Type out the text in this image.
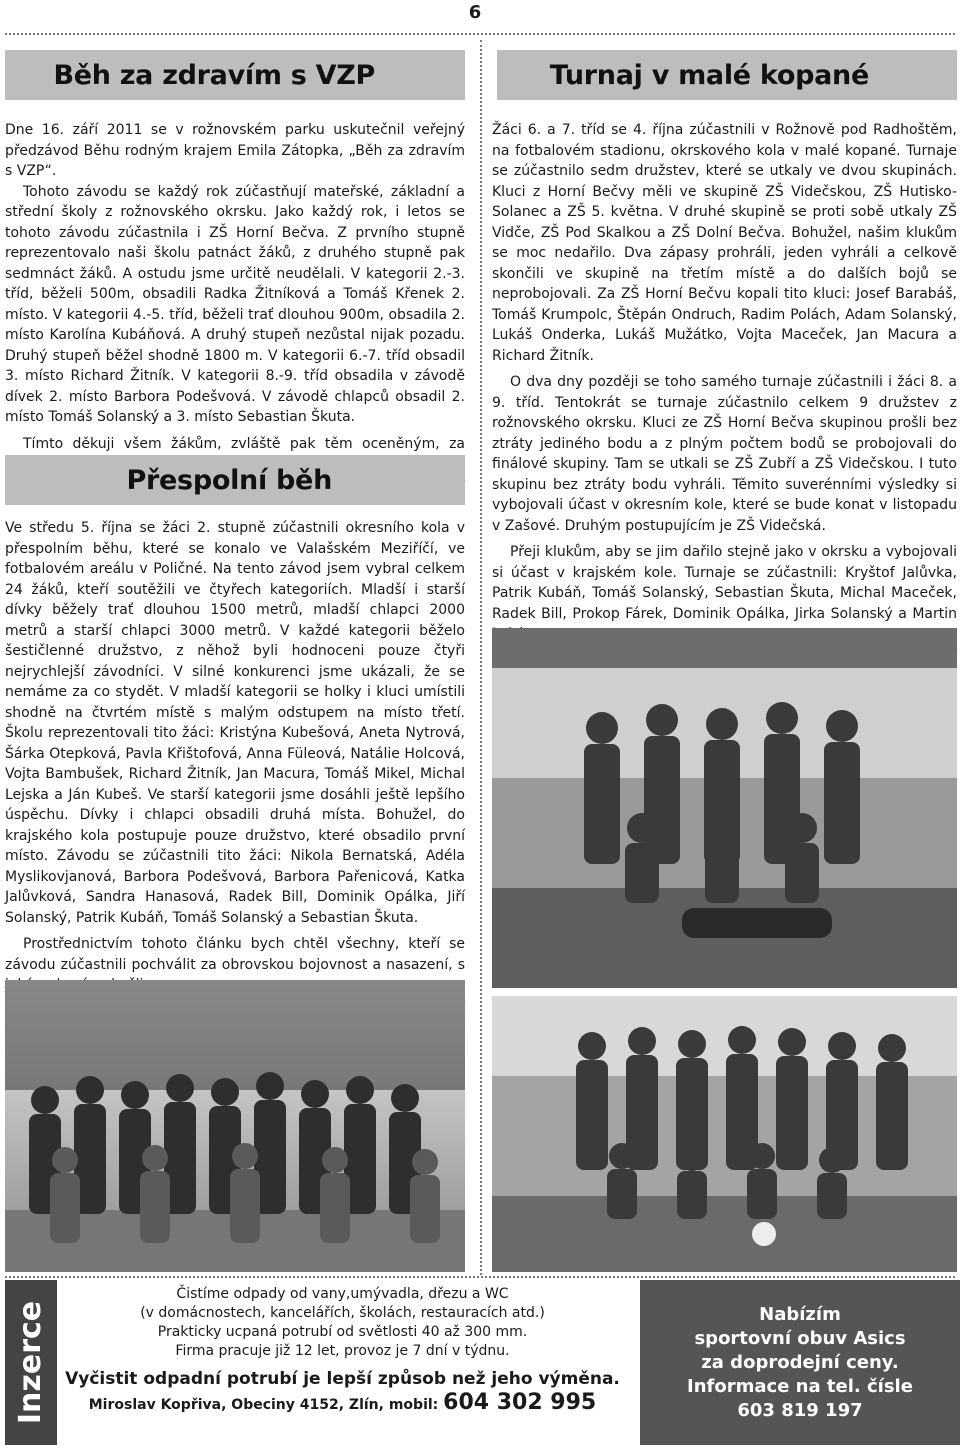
6
Běh za zdravím s VZP

Dne 16. září 2011 se v rožnovském parku uskutečnil veřejný předzávod Běhu rodným krajem Emila Zátopka, „Běh za zdravím s VZP“.

Tohoto závodu se každý rok zúčastňují mateřské, základní a střední školy z rožnovského okrsku. Jako každý rok, i letos se tohoto závodu zúčastnila i ZŠ Horní Bečva. Z prvního stupně reprezentovalo naši školu patnáct žáků, z druhého stupně pak sedmnáct žáků. A ostudu jsme určitě neudělali. V kategorii 2.-3. tříd, běželi 500m, obsadili Radka Žitníková a Tomáš Křenek 2. místo. V kategorii 4.-5. tříd, běželi trať dlouhou 900m, obsadila 2. místo Karolína Kubáňová. A druhý stupeň nezůstal nijak pozadu. Druhý stupeň běžel shodně 1800 m. V kategorii 6.-7. tříd obsadil 3. místo Richard Žitník. V kategorii 8.-9. tříd obsadila v závodě dívek 2. místo Barbora Podešvová. V závodě chlapců obsadil 2. místo Tomáš Solanský a 3. místo Sebastian Škuta.

Tímto děkuji všem žákům, zvláště pak těm oceněným, za

Přespolní běh

Ve středu 5. října se žáci 2. stupně zúčastnili okresního kola v přespolním běhu, které se konalo ve Valašském Meziříčí, ve fotbalovém areálu v Poličné. Na tento závod jsem vybral celkem 24 žáků, kteří soutěžili ve čtyřech kategoriích. Mladší i starší dívky běžely trať dlouhou 1500 metrů, mladší chlapci 2000 metrů a starší chlapci 3000 metrů. V každé kategorii běželo šestičlenné družstvo, z něhož byli hodnoceni pouze čtyři nejrychlejší závodníci. V silné konkurenci jsme ukázali, že se nemáme za co stydět. V mladší kategorii se holky i kluci umístili shodně na čtvrtém místě s malým odstupem na místo třetí. Školu reprezentovali tito žáci: Kristýna Kubešová, Aneta Nytrová, Šárka Otepková, Pavla Křištofová, Anna Füleová, Natálie Holcová, Vojta Bambušek, Richard Žitník, Jan Macura, Tomáš Mikel, Michal Lejska a Ján Kubeš. Ve starší kategorii jsme dosáhli ještě lepšího úspěchu. Dívky i chlapci obsadili druhá místa. Bohužel, do krajského kola postupuje pouze družstvo, které obsadilo první místo. Závodu se zúčastnili tito žáci: Nikola Bernatská, Adéla Myslikovjanová, Barbora Podešvová, Barbora Pařenicová, Katka Jalůvková, Sandra Hanasová, Radek Bill, Dominik Opálka, Jiří Solanský, Patrik Kubáň, Tomáš Solanský a Sebastian Škuta.

Prostřednictvím tohoto článku bych chtěl všechny, kteří se závodu zúčastnili pochválit za obrovskou bojovnost a nasazení, s

Turnaj v malé kopané

Žáci 6. a 7. tříd se 4. října zúčastnili v Rožnově pod Radhoštěm, na fotbalovém stadionu, okrskového kola v malé kopané. Turnaje se zúčastnilo sedm družstev, které se utkaly ve dvou skupinách. Kluci z Horní Bečvy měli ve skupině ZŠ Videčskou, ZŠ Hutisko-Solanec a ZŠ 5. května. V druhé skupině se proti sobě utkaly ZŠ Vidče, ZŠ Pod Skalkou a ZŠ Dolní Bečva. Bohužel, našim klukům se moc nedařilo. Dva zápasy prohráli, jeden vyhráli a celkově skončili ve skupině na třetím místě a do dalších bojů se neprobojovali. Za ZŠ Horní Bečvu kopali tito kluci: Josef Barabáš, Tomáš Krumpolc, Štěpán Ondruch, Radim Polách, Adam Solanský, Lukáš Onderka, Lukáš Mužátko, Vojta Maceček, Jan Macura a Richard Žitník.

O dva dny později se toho samého turnaje zúčastnili i žáci 8. a 9. tříd. Tentokrát se turnaje zúčastnilo celkem 9 družstev z rožnovského okrsku. Kluci ze ZŠ Horní Bečva skupinou prošli bez ztráty jediného bodu a z plným počtem bodů se probojovali do finálové skupiny. Tam se utkali se ZŠ Zubří a ZŠ Videčskou. I tuto skupinu bez ztráty bodu vyhráli. Těmito suverénními výsledky si vybojovali účast v okresním kole, které se bude konat v listopadu v Zašové. Druhým postupujícím je ZŠ Videčská.

Přeji klukům, aby se jim dařilo stejně jako v okrsku a vybojovali si účast v krajském kole. Turnaje se zúčastnili: Kryštof Jalůvka, Patrik Kubáň, Tomáš Solanský, Sebastian Škuta, Michal Maceček, Radek Bill, Prokop Fárek, Dominik Opálka, Jirka Solanský a Martin

Inzerce
Čistíme odpady od vany,umývadla, dřezu a WC
(v domácnostech, kancelářích, školách, restauracích atd.)
Prakticky ucpaná potrubí od světlosti 40 až 300 mm.
Firma pracuje již 12 let, provoz je 7 dní v týdnu.
Vyčistit odpadní potrubí je lepší způsob než jeho výměna.
Miroslav Kopřiva, Obeciny 4152, Zlín, mobil: 604 302 995
Nabízím
sportovní obuv Asics
za doprodejní ceny.
Informace na tel. čísle
603 819 197
